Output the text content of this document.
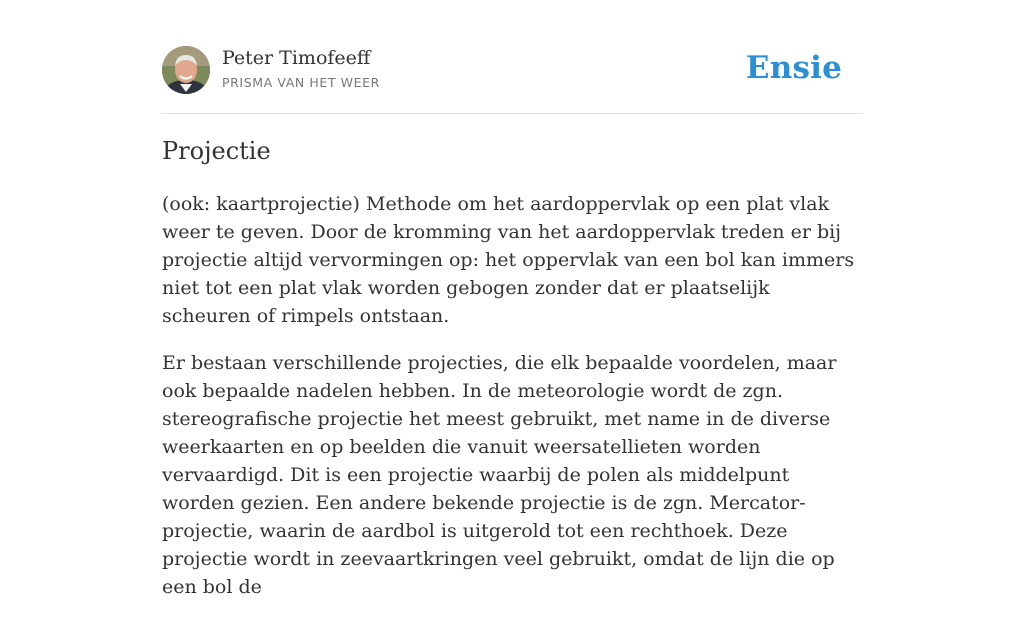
Peter Timofeeff
PRISMA VAN HET WEER	Ensie
Projectie

(ook: kaartprojectie) Methode om het aardoppervlak op een plat vlak weer te geven. Door de kromming van het aardoppervlak treden er bij projectie altijd vervormingen op: het oppervlak van een bol kan immers niet tot een plat vlak worden gebogen zonder dat er plaatselijk scheuren of rimpels ontstaan.

Er bestaan verschillende projecties, die elk bepaalde voordelen, maar ook bepaalde nadelen hebben. In de meteorologie wordt de zgn. stereografische projectie het meest gebruikt, met name in de diverse weerkaarten en op beelden die vanuit weersatellieten worden vervaardigd. Dit is een projectie waarbij de polen als middelpunt worden gezien. Een andere bekende projectie is de zgn. Mercator-projectie, waarin de aardbol is uitgerold tot een rechthoek. Deze projectie wordt in zeevaartkringen veel gebruikt, omdat de lijn die op een bol de
